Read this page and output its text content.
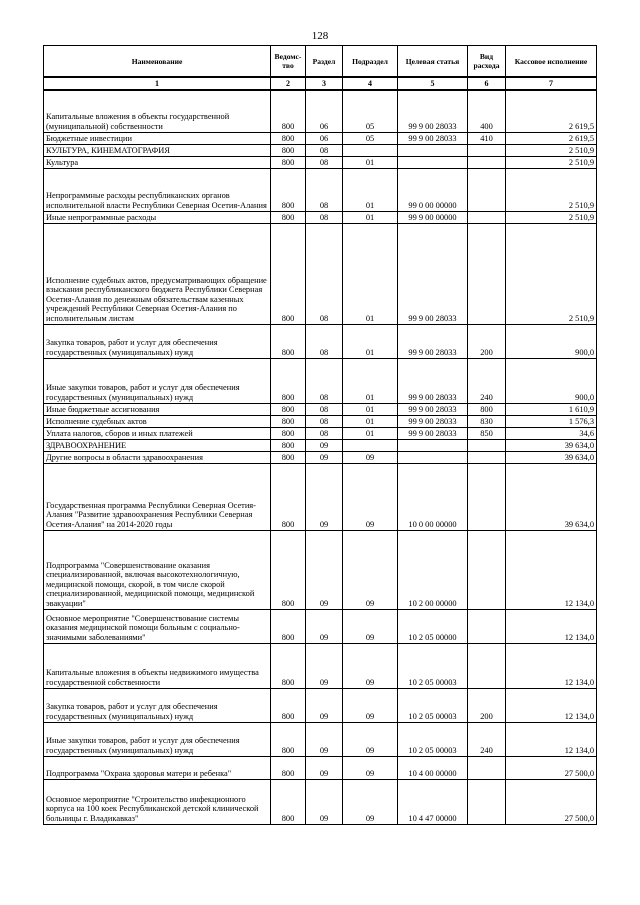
128
Наименование	Ведомс-тво	Раздел	Подраздел	Целевая статья	Вид расхода	Кассовое исполнение
1	2	3	4	5	6	7
Капитальные вложения в объекты государственной (муниципальной) собственности	800	06	05	99 9 00 28033	400	2 619,5
Бюджетные инвестиции	800	06	05	99 9 00 28033	410	2 619,5
КУЛЬТУРА, КИНЕМАТОГРАФИЯ	800	08				2 510,9
Культура	800	08	01			2 510,9
Непрограммные расходы республиканских органов исполнительной власти Республики Северная Осетия-Алания	800	08	01	99 0 00 00000		2 510,9
Иные непрограммные расходы	800	08	01	99 9 00 00000		2 510,9
Исполнение судебных актов, предусматривающих обращение взыскания республиканского бюджета Республики Северная Осетия-Алания по денежным обязательствам казенных учреждений Республики Северная Осетия-Алания по исполнительным листам	800	08	01	99 9 00 28033		2 510,9
Закупка товаров, работ и услуг для обеспечения государственных (муниципальных) нужд	800	08	01	99 9 00 28033	200	900,0
Иные закупки товаров, работ и услуг для обеспечения государственных (муниципальных) нужд	800	08	01	99 9 00 28033	240	900,0
Иные бюджетные ассигнования	800	08	01	99 9 00 28033	800	1 610,9
Исполнение судебных актов	800	08	01	99 9 00 28033	830	1 576,3
Уплата налогов, сборов и иных платежей	800	08	01	99 9 00 28033	850	34,6
ЗДРАВООХРАНЕНИЕ	800	09				39 634,0
Другие вопросы в области здравоохранения	800	09	09			39 634,0
Государственная программа Республики Северная Осетия-Алания "Развитие здравоохранения Республики Северная Осетия-Алания" на 2014-2020 годы	800	09	09	10 0 00 00000		39 634,0
Подпрограмма "Совершенствование оказания специализированной, включая высокотехнологичную, медицинской помощи, скорой, в том числе скорой специализированной, медицинской помощи, медицинской эвакуации"	800	09	09	10 2 00 00000		12 134,0
Основное мероприятие "Совершенствование системы оказания медицинской помощи больным с социально-значимыми заболеваниями"	800	09	09	10 2 05 00000		12 134,0
Капитальные вложения в объекты недвижимого имущества государственной собственности	800	09	09	10 2 05 00003		12 134,0
Закупка товаров, работ и услуг для обеспечения государственных (муниципальных) нужд	800	09	09	10 2 05 00003	200	12 134,0
Иные закупки товаров, работ и услуг для обеспечения государственных (муниципальных) нужд	800	09	09	10 2 05 00003	240	12 134,0
Подпрограмма "Охрана здоровья матери и ребенка"	800	09	09	10 4 00 00000		27 500,0
Основное мероприятие "Строительство инфекционного корпуса на 100 коек Республиканской детской клинической больницы г. Владикавказ"	800	09	09	10 4 47 00000		27 500,0
